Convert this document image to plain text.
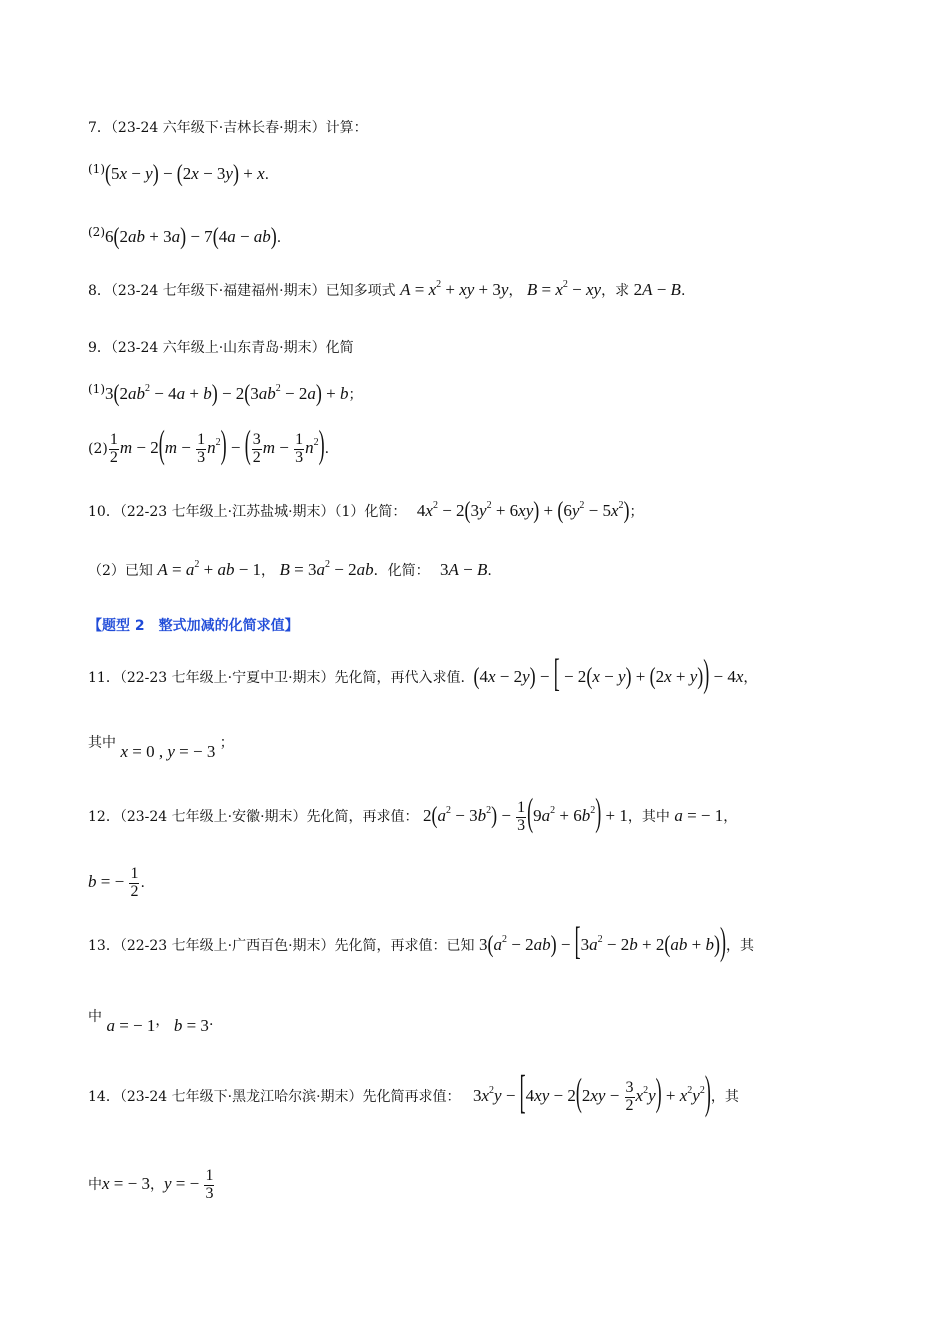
7．（23-24 六年级下·吉林长春·期末）计算：
(1)(5x − y) − (2x − 3y) + x.
(2)6(2ab + 3a) − 7(4a − ab).
8．（23-24 七年级下·福建福州·期末）已知多项式 $A = x^2$ + xy + 3y， $B = x^2$ − xy，求 2A − B.
9．（23-24 六年级上·山东青岛·期末）化简
$(1)3(2ab^2 - 4a + b) - 2(3ab^2 - 2a) + b$；
$(2) \frac{1}{2}$ $m - 2(m - \frac{1}{3} n^2)$ − ( $\frac{3}{2}$ $m - \frac{1}{3} n^2$).
10．（22-23 七年级上·江苏盐城·期末）（1）化简： $4x^2 - 2(3y^2 + 6xy) + (6y^2 - 5x^2)$；
（2）已知 $A = a^2$ + ab − 1， $B = 3a^2 - 2ab$．化简： 3A − B.
【题型 2　整式加减的化简求值】
11．（22-23 七年级上·宁夏中卫·期末）先化简，再代入求值. (4x − 2y) − [ − 2(x − y) + (2x + y)) − 4x，
其中 x = 0 , y = − 3 ；
12．（23-24 七年级上·安徽·期末）先化简，再求值： $2(a^2 - 3b^2) - \frac{1}{3} (9a^2 + 6b^2) + 1$，其中 a = − 1，
b = − $\frac{1}{2}$ .
13．（22-23 七年级上·广西百色·期末）先化简，再求值：已知 $3(a^2 - 2ab) - [3a^2 - 2b + 2(ab + b))$，其
中 a = − 1， b = 3.
14．（23-24 七年级下·黑龙江哈尔滨·期末）先化简再求值： $3x^2y - [4xy - 2(2xy - \frac{3}{2} x^2y) + x^2y^2)$，其
中x = − 3，y = − $\frac{1}{3}$
